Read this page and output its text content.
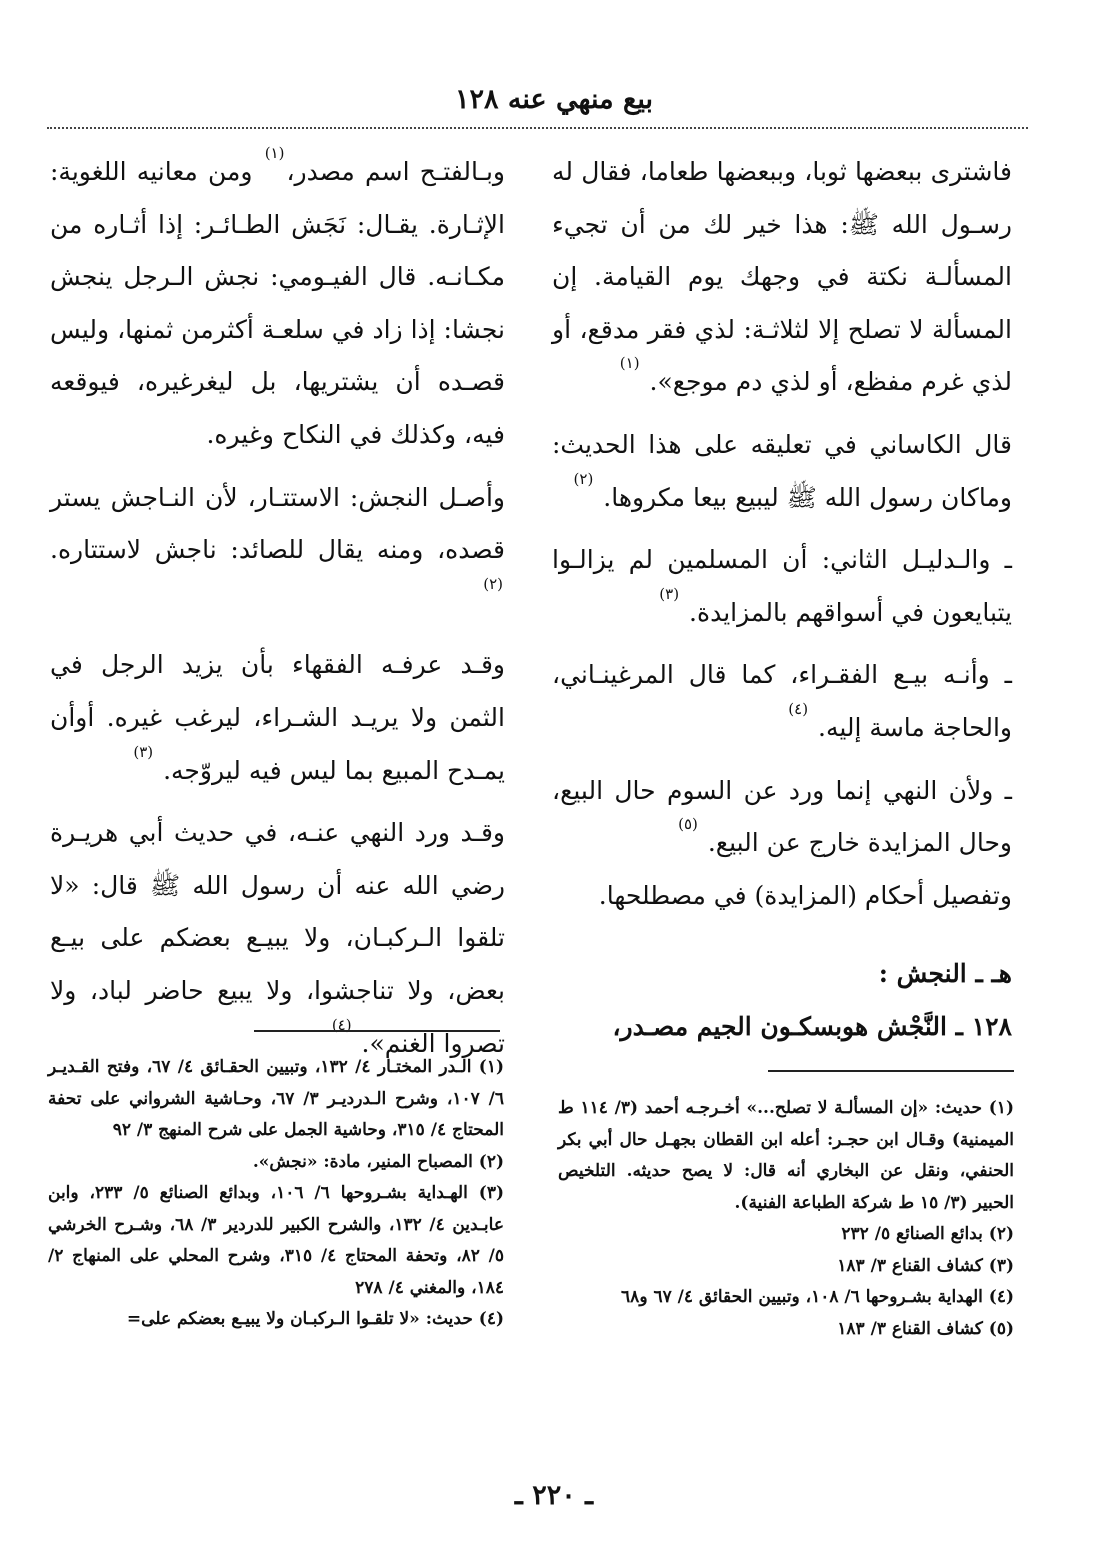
بيع منهي عنه ١٢٨

فاشترى ببعضها ثوبا، وببعضها طعاما، فقال له رسـول الله ﷺ: هذا خير لك من أن تجيء المسألـة نكتة في وجهك يوم القيامة. إن المسألة لا تصلح إلا لثلاثـة: لذي فقر مدقع، أو لذي غرم مفظع، أو لذي دم موجع». $^{(١)}$

قال الكاساني في تعليقه على هذا الحديث: وماكان رسول الله ﷺ ليبيع بيعا مكروها. $^{(٢)}$

ـ والـدليـل الثاني: أن المسلمين لم يزالـوا يتبايعون في أسواقهم بالمزايدة. $^{(٣)}$

ـ وأنـه بيـع الفقـراء، كما قال المرغينـاني، والحاجة ماسة إليه. $^{(٤)}$

ـ ولأن النهي إنما ورد عن السوم حال البيع، وحال المزايدة خارج عن البيع. $^{(٥)}$

وتفصيل أحكام (المزايدة) في مصطلحها.

هـ ـ النجش :

١٢٨ ـ النَّجْش هوبسكـون الجيم مصـدر،

وبـالفتـح اسم مصدر،$^{(١)}$ ومن معانيه اللغوية: الإثـارة. يقـال: نَجَش الطـائـر: إذا أثـاره من مكـانـه. قال الفيـومي: نجش الـرجل ينجش نجشا: إذا زاد في سلعـة أكثرمن ثمنها، وليس قصـده أن يشتريها، بل ليغرغيره، فيوقعه فيه، وكذلك في النكاح وغيره.

وأصـل النجش: الاستتـار، لأن النـاجش يستر قصده، ومنه يقال للصائد: ناجش لاستتاره. $^{(٢)}$

وقـد عرفـه الفقهاء بأن يزيد الرجل في الثمن ولا يريـد الشـراء، ليرغب غيره. أوأن يمـدح المبيع بما ليس فيه ليروّجه. $^{(٣)}$

وقـد ورد النهي عنـه، في حديث أبي هريـرة رضي الله عنه أن رسول الله ﷺ قال: «لا تلقوا الـركبـان، ولا يبيـع بعضكم على بيـع بعض، ولا تناجشوا، ولا يبيع حاضر لباد، ولا تصروا الغنم». $^{(٤)}$

(١) الـدر المختـار ٤/ ١٣٢، وتبيين الحقـائق ٤/ ٦٧، وفتح القـديـر ٦/ ١٠٧، وشرح الـدرديـر ٣/ ٦٧، وحـاشية الشرواني على تحفة المحتاج ٤/ ٣١٥، وحاشية الجمل على شرح المنهج ٣/ ٩٢

(٢) المصباح المنير، مادة: «نجش».

(٣) الهـداية بشـروحها ٦/ ١٠٦، وبدائع الصنائع ٥/ ٢٣٣، وابن عابـدين ٤/ ١٣٢، والشرح الكبير للدردير ٣/ ٦٨، وشـرح الخرشي ٥/ ٨٢، وتحفة المحتاج ٤/ ٣١٥، وشرح المحلي على المنهاج ٢/ ١٨٤، والمغني ٤/ ٢٧٨

(٤) حديث: «لا تلقـوا الـركبـان ولا يبيـع بعضكم على=

(١) حديث: «إن المسألـة لا تصلح...» أخـرجـه أحمد (٣/ ١١٤ ط الميمنية) وقـال ابن حجـر: أعله ابن القطان بجهـل حال أبي بكر الحنفي، ونقل عن البخاري أنه قال: لا يصح حديثه. التلخيص الحبير (٣/ ١٥ ط شركة الطباعة الفنية).

(٢) بدائع الصنائع ٥/ ٢٣٢

(٣) كشاف القناع ٣/ ١٨٣

(٤) الهداية بشـروحها ٦/ ١٠٨، وتبيين الحقائق ٤/ ٦٧ و٦٨

(٥) كشاف القناع ٣/ ١٨٣

ـ ٢٢٠ ـ
